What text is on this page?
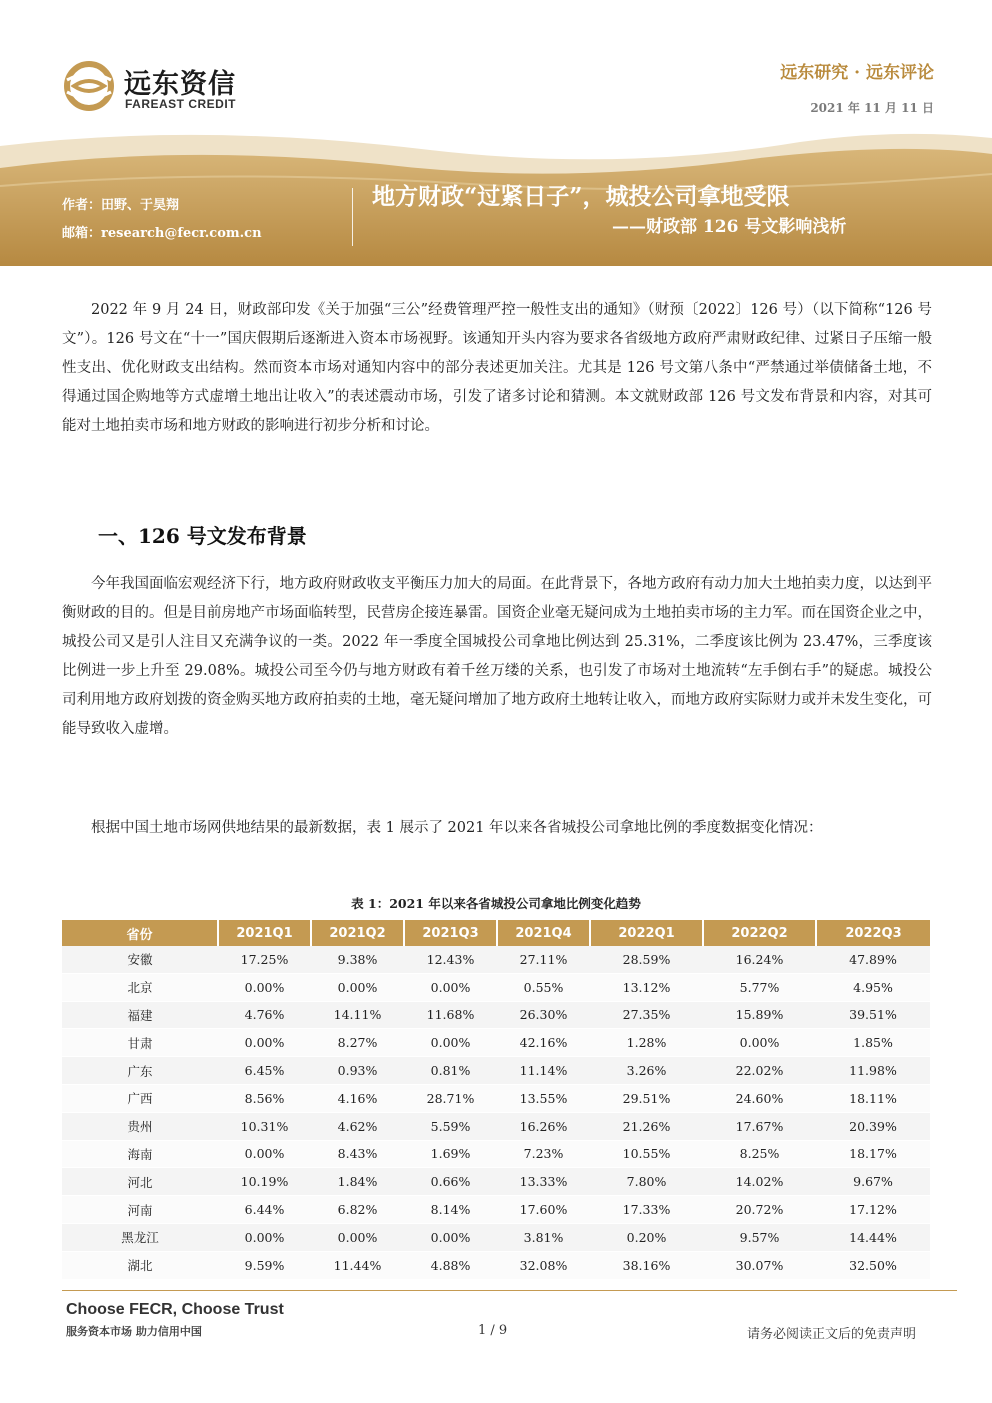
远东资信
FAREAST CREDIT
远东研究 · 远东评论
2021 年 11 月 11 日
作者：田野、于昊翔
邮箱：research@fecr.com.cn
地方财政“过紧日子”，城投公司拿地受限
——财政部 126 号文影响浅析

2022 年 9 月 24 日，财政部印发《关于加强“三公”经费管理严控一般性支出的通知》（财预〔2022〕126 号）（以下简称“126 号文”）。126 号文在“十一”国庆假期后逐渐进入资本市场视野。该通知开头内容为要求各省级地方政府严肃财政纪律、过紧日子压缩一般性支出、优化财政支出结构。然而资本市场对通知内容中的部分表述更加关注。尤其是 126 号文第八条中“严禁通过举债储备土地，不得通过国企购地等方式虚增土地出让收入”的表述震动市场，引发了诸多讨论和猜测。本文就财政部 126 号文发布背景和内容，对其可能对土地拍卖市场和地方财政的影响进行初步分析和讨论。

一、126 号文发布背景

今年我国面临宏观经济下行，地方政府财政收支平衡压力加大的局面。在此背景下，各地方政府有动力加大土地拍卖力度，以达到平衡财政的目的。但是目前房地产市场面临转型，民营房企接连暴雷。国资企业毫无疑问成为土地拍卖市场的主力军。而在国资企业之中，城投公司又是引人注目又充满争议的一类。2022 年一季度全国城投公司拿地比例达到 25.31%，二季度该比例为 23.47%，三季度该比例进一步上升至 29.08%。城投公司至今仍与地方财政有着千丝万缕的关系，也引发了市场对土地流转“左手倒右手”的疑虑。城投公司利用地方政府划拨的资金购买地方政府拍卖的土地，毫无疑问增加了地方政府土地转让收入，而地方政府实际财力或并未发生变化，可能导致收入虚增。

根据中国土地市场网供地结果的最新数据，表 1 展示了 2021 年以来各省城投公司拿地比例的季度数据变化情况：

表 1：2021 年以来各省城投公司拿地比例变化趋势
省份	2021Q1	2021Q2	2021Q3	2021Q4	2022Q1	2022Q2	2022Q3
安徽	17.25%	9.38%	12.43%	27.11%	28.59%	16.24%	47.89%
北京	0.00%	0.00%	0.00%	0.55%	13.12%	5.77%	4.95%
福建	4.76%	14.11%	11.68%	26.30%	27.35%	15.89%	39.51%
甘肃	0.00%	8.27%	0.00%	42.16%	1.28%	0.00%	1.85%
广东	6.45%	0.93%	0.81%	11.14%	3.26%	22.02%	11.98%
广西	8.56%	4.16%	28.71%	13.55%	29.51%	24.60%	18.11%
贵州	10.31%	4.62%	5.59%	16.26%	21.26%	17.67%	20.39%
海南	0.00%	8.43%	1.69%	7.23%	10.55%	8.25%	18.17%
河北	10.19%	1.84%	0.66%	13.33%	7.80%	14.02%	9.67%
河南	6.44%	6.82%	8.14%	17.60%	17.33%	20.72%	17.12%
黑龙江	0.00%	0.00%	0.00%	3.81%	0.20%	9.57%	14.44%
湖北	9.59%	11.44%	4.88%	32.08%	38.16%	30.07%	32.50%
Choose FECR, Choose Trust
服务资本市场 助力信用中国	1 / 9	请务必阅读正文后的免责声明
